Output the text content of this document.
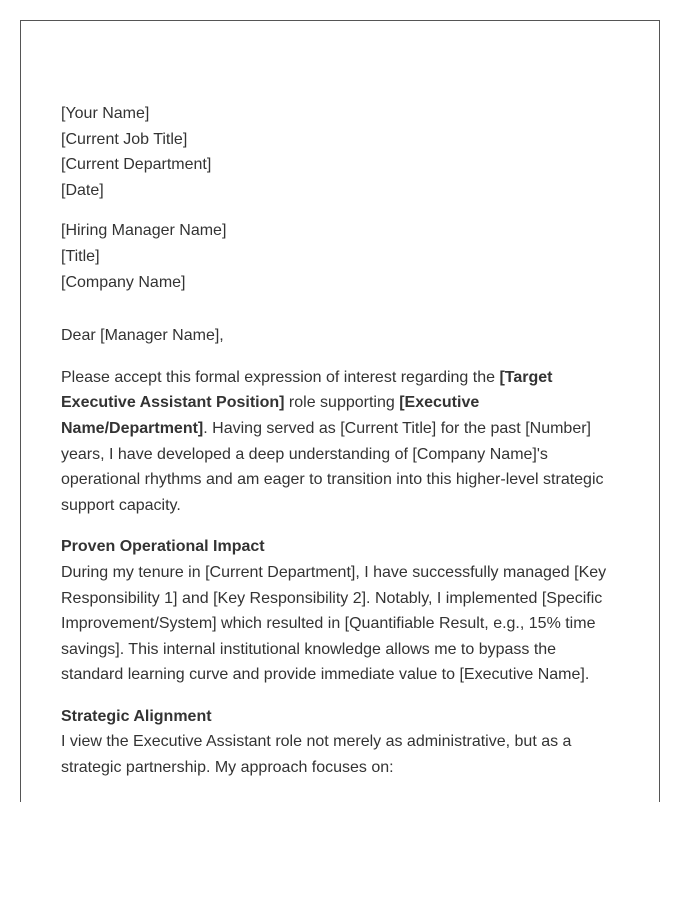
[Your Name]
[Current Job Title]
[Current Department]
[Date]
[Hiring Manager Name]
[Title]
[Company Name]

Dear [Manager Name],

Please accept this formal expression of interest regarding the [Target Executive Assistant Position] role supporting [Executive Name/Department]. Having served as [Current Title] for the past [Number] years, I have developed a deep understanding of [Company Name]'s operational rhythms and am eager to transition into this higher-level strategic support capacity.

Proven Operational Impact
During my tenure in [Current Department], I have successfully managed [Key Responsibility 1] and [Key Responsibility 2]. Notably, I implemented [Specific Improvement/System] which resulted in [Quantifiable Result, e.g., 15% time savings]. This internal institutional knowledge allows me to bypass the standard learning curve and provide immediate value to [Executive Name].
Strategic Alignment
I view the Executive Assistant role not merely as administrative, but as a strategic partnership. My approach focuses on:
